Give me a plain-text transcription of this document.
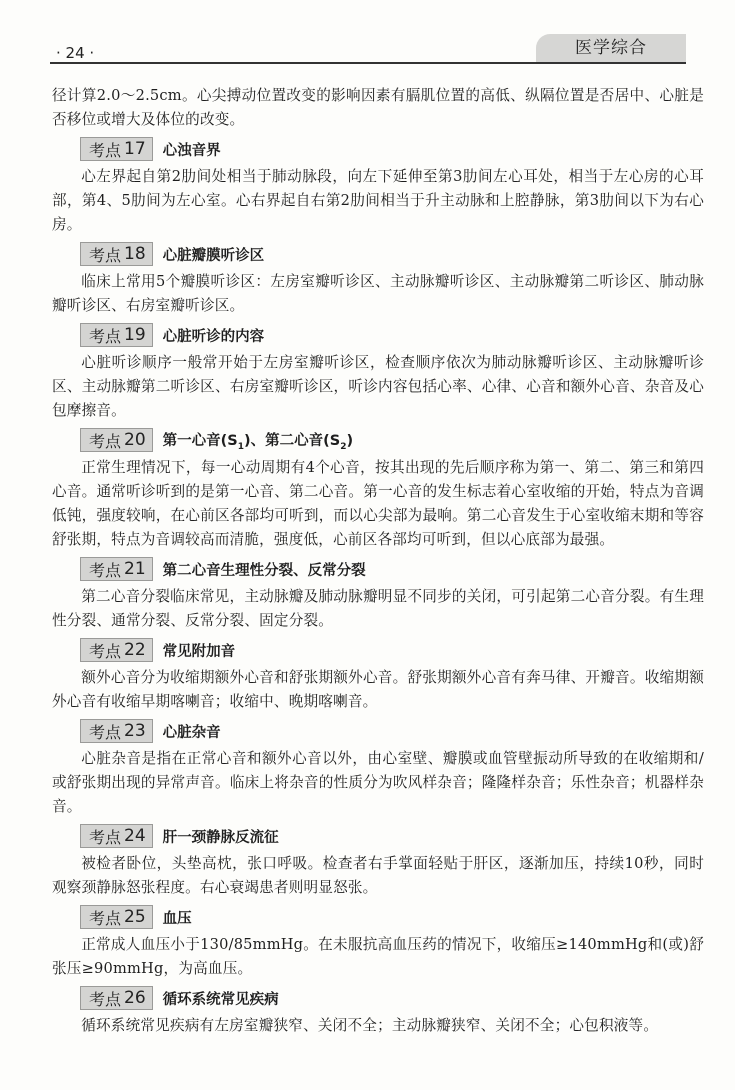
· 24 ·	医学综合

径计算2.0～2.5cm。心尖搏动位置改变的影响因素有膈肌位置的高低、纵隔位置是否居中、心脏是否移位或增大及体位的改变。

考点 17 心浊音界

心左界起自第2肋间处相当于肺动脉段，向左下延伸至第3肋间左心耳处，相当于左心房的心耳部，第4、5肋间为左心室。心右界起自右第2肋间相当于升主动脉和上腔静脉，第3肋间以下为右心房。

考点 18 心脏瓣膜听诊区

临床上常用5个瓣膜听诊区：左房室瓣听诊区、主动脉瓣听诊区、主动脉瓣第二听诊区、肺动脉瓣听诊区、右房室瓣听诊区。

考点 19 心脏听诊的内容

心脏听诊顺序一般常开始于左房室瓣听诊区，检查顺序依次为肺动脉瓣听诊区、主动脉瓣听诊区、主动脉瓣第二听诊区、右房室瓣听诊区，听诊内容包括心率、心律、心音和额外心音、杂音及心包摩擦音。

考点 20 第一心音$(S_1)$、第二心音$(S_2)$

正常生理情况下，每一心动周期有4个心音，按其出现的先后顺序称为第一、第二、第三和第四心音。通常听诊听到的是第一心音、第二心音。第一心音的发生标志着心室收缩的开始，特点为音调低钝，强度较响，在心前区各部均可听到，而以心尖部为最响。第二心音发生于心室收缩末期和等容舒张期，特点为音调较高而清脆，强度低，心前区各部均可听到，但以心底部为最强。

考点 21 第二心音生理性分裂、反常分裂

第二心音分裂临床常见，主动脉瓣及肺动脉瓣明显不同步的关闭，可引起第二心音分裂。有生理性分裂、通常分裂、反常分裂、固定分裂。

考点 22 常见附加音

额外心音分为收缩期额外心音和舒张期额外心音。舒张期额外心音有奔马律、开瓣音。收缩期额外心音有收缩早期喀喇音；收缩中、晚期喀喇音。

考点 23 心脏杂音

心脏杂音是指在正常心音和额外心音以外，由心室壁、瓣膜或血管壁振动所导致的在收缩期和/或舒张期出现的异常声音。临床上将杂音的性质分为吹风样杂音；隆隆样杂音；乐性杂音；机器样杂音。

考点 24 肝一颈静脉反流征

被检者卧位，头垫高枕，张口呼吸。检查者右手掌面轻贴于肝区，逐渐加压，持续10秒，同时观察颈静脉怒张程度。右心衰竭患者则明显怒张。

考点 25 血压

正常成人血压小于130/85mmHg。在未服抗高血压药的情况下，收缩压≥140mmHg和(或)舒张压≥90mmHg，为高血压。

考点 26 循环系统常见疾病

循环系统常见疾病有左房室瓣狭窄、关闭不全；主动脉瓣狭窄、关闭不全；心包积液等。
